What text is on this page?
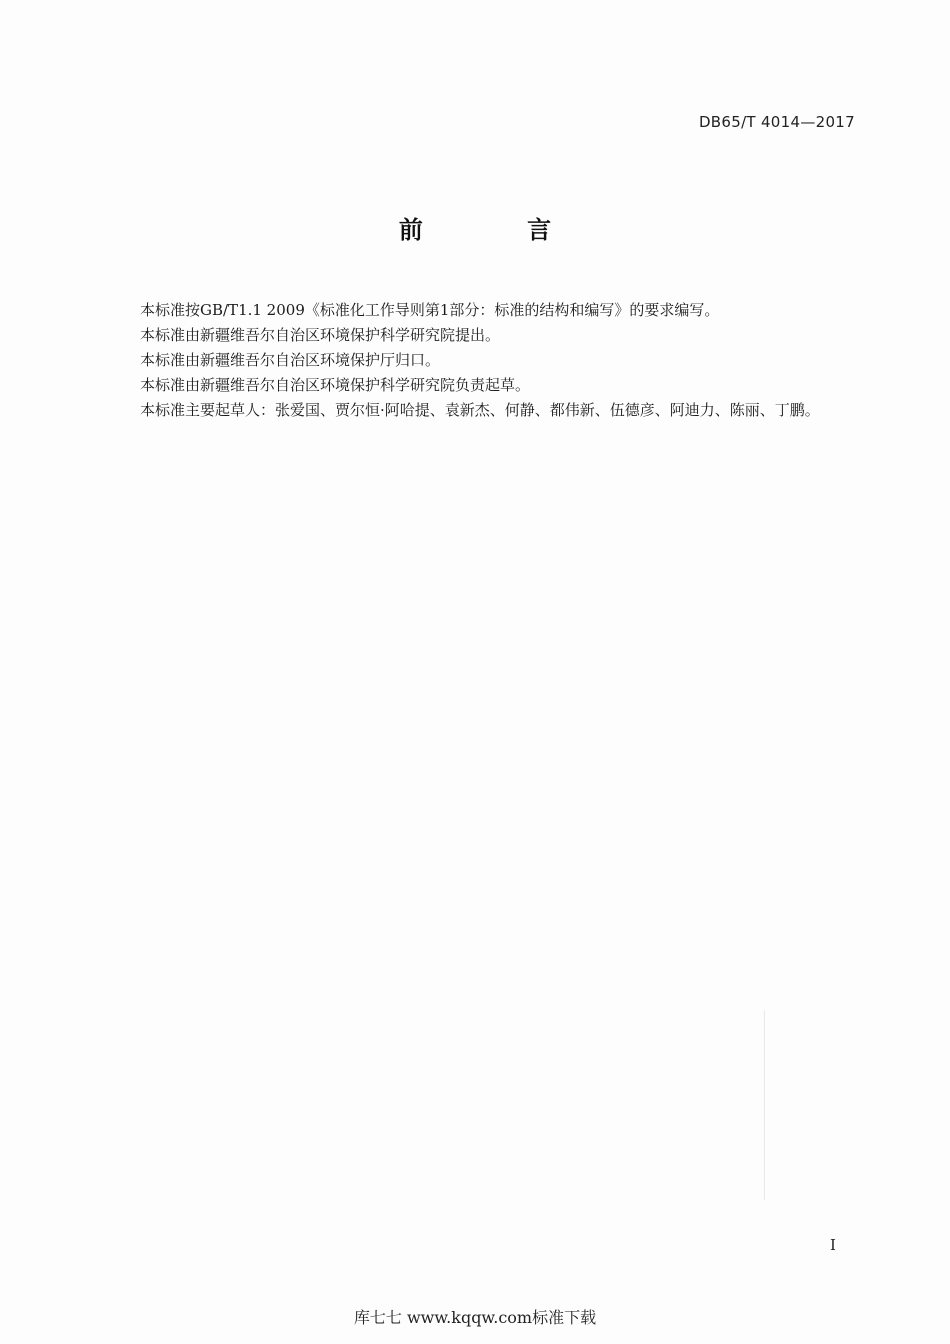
DB65/T 4014—2017
前 言

本标准按GB/T1.1 2009《标准化工作导则第1部分：标准的结构和编写》的要求编写。

本标准由新疆维吾尔自治区环境保护科学研究院提出。

本标准由新疆维吾尔自治区环境保护厅归口。

本标准由新疆维吾尔自治区环境保护科学研究院负责起草。

本标准主要起草人：张爱国、贾尔恒·阿哈提、袁新杰、何静、都伟新、伍德彦、阿迪力、陈丽、丁鹏。

I
库七七 www.kqqw.com标准下载
